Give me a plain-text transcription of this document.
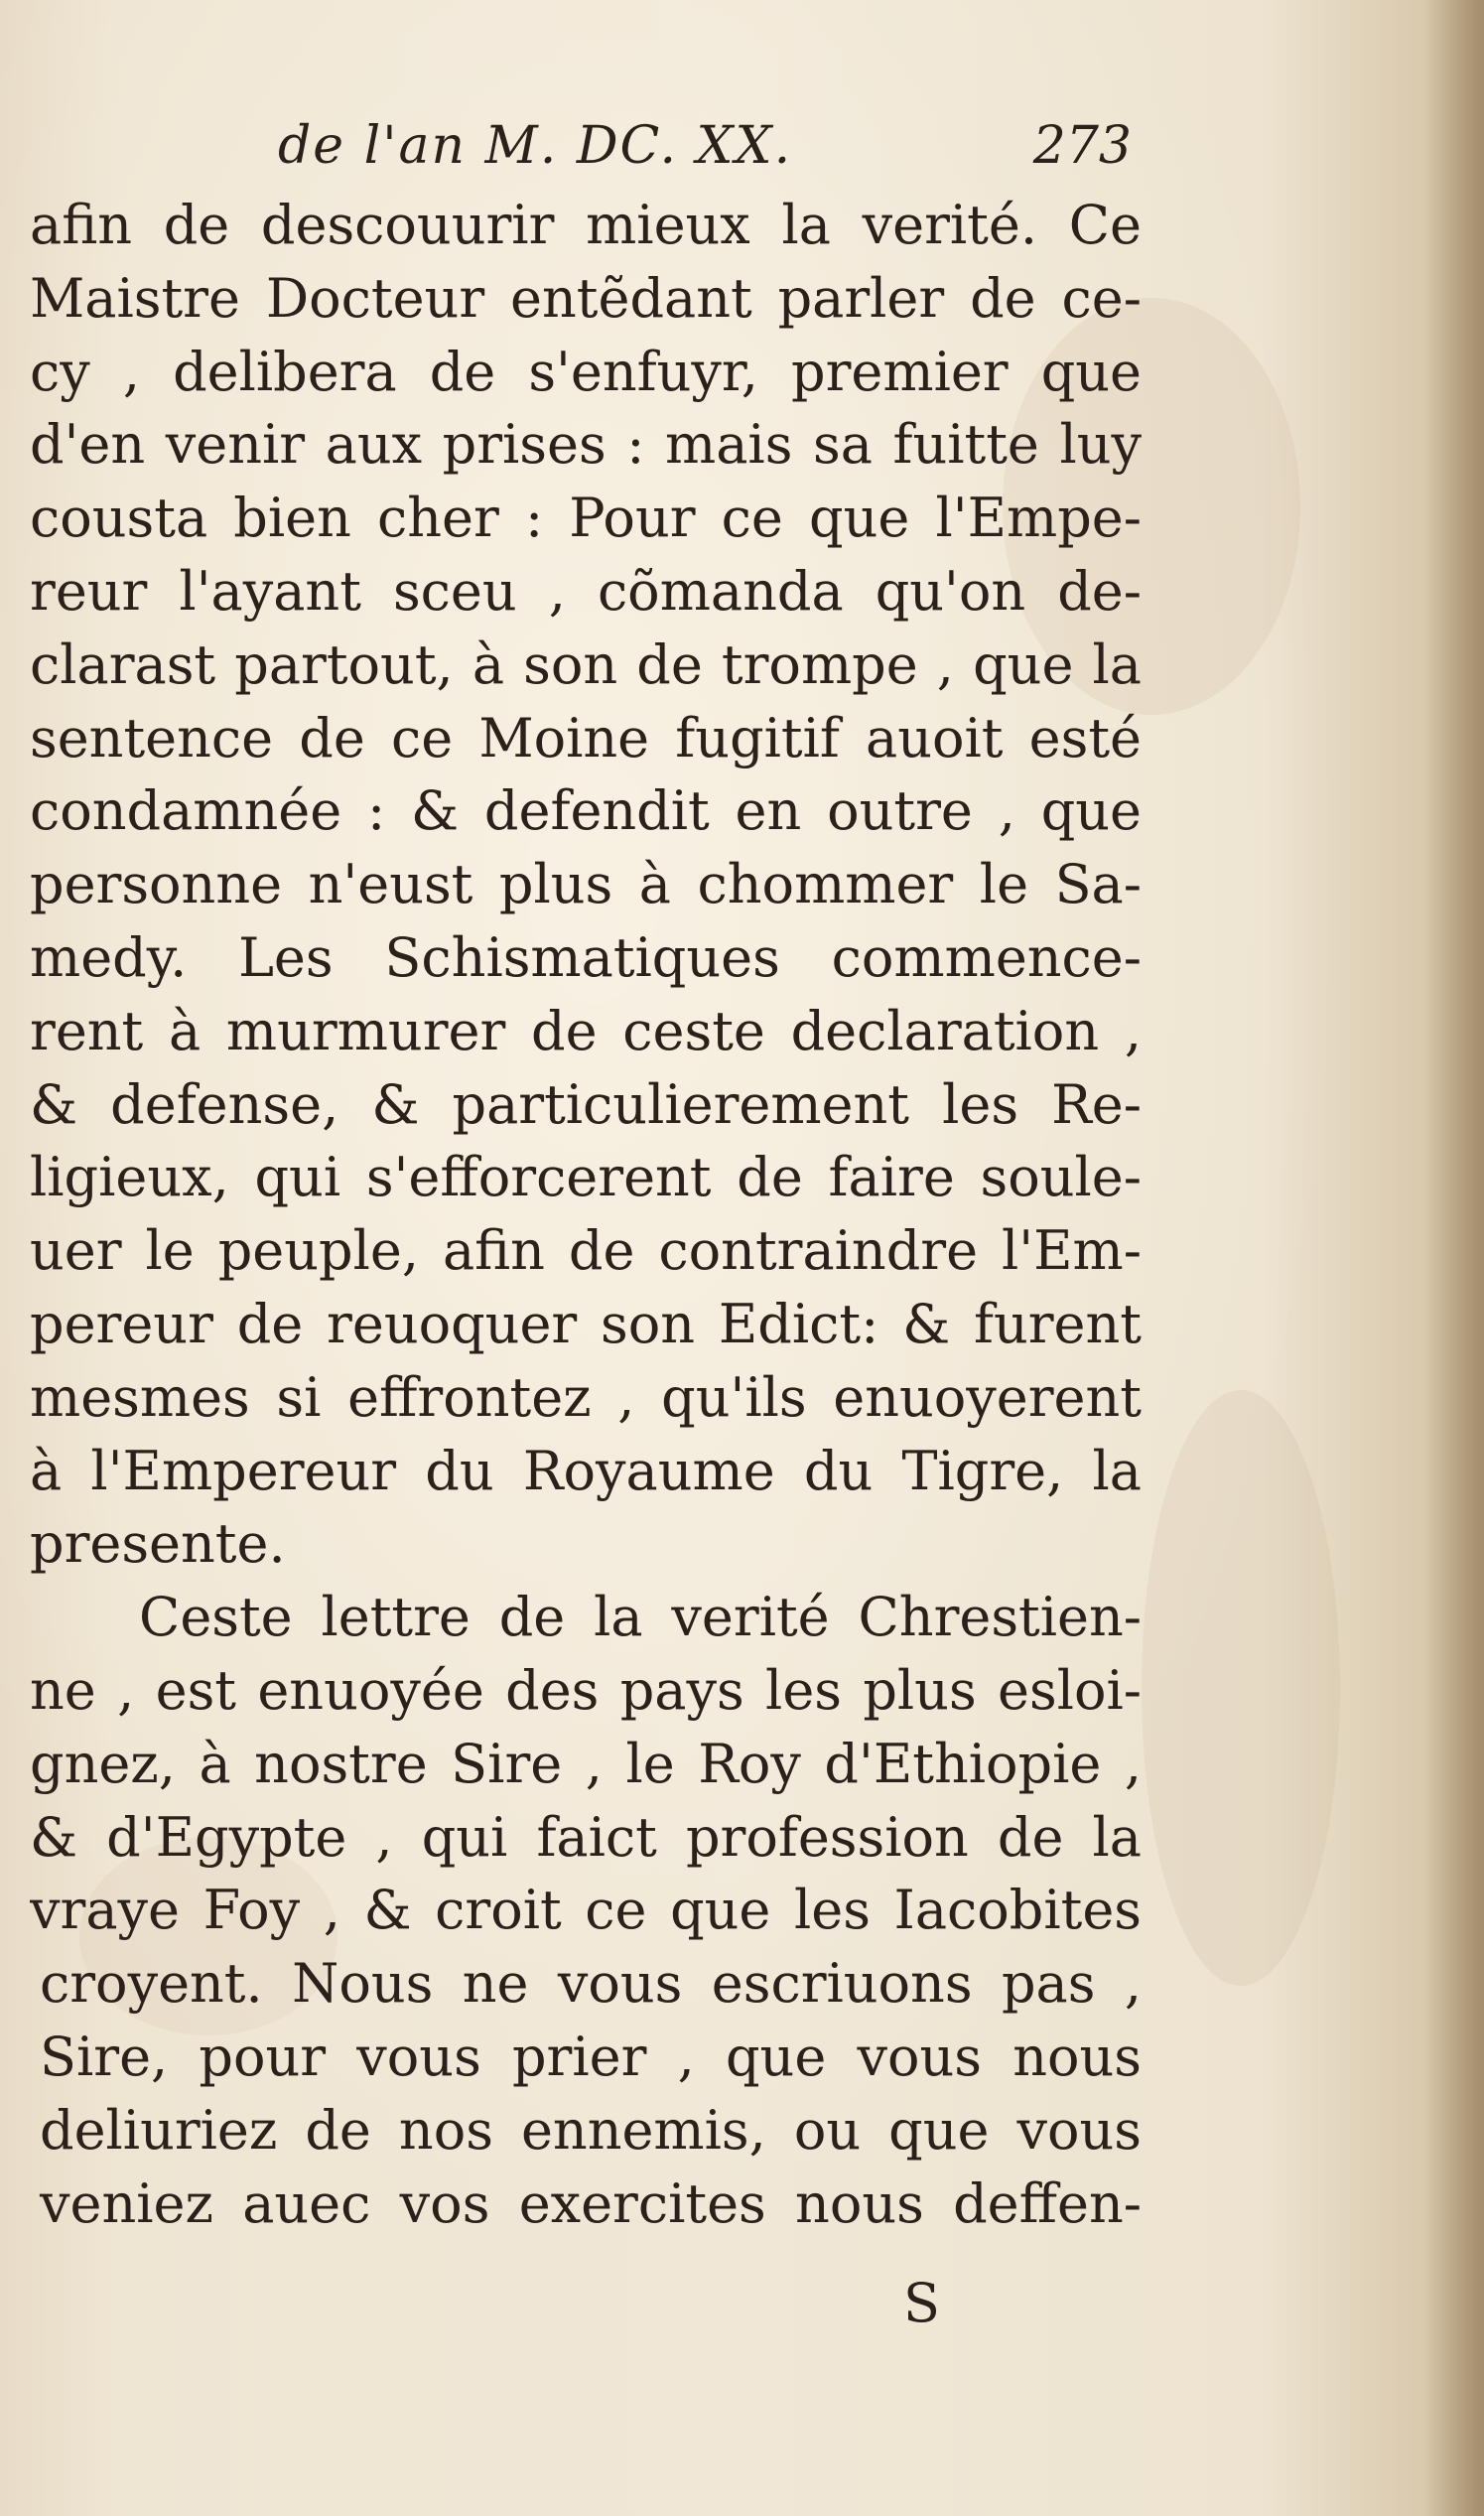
de l'an M. DC. XX.	273
afin de descouurir mieux la verité. Ce
Maistre Docteur entẽdant parler de ce-
cy , delibera de s'enfuyr, premier que
d'en venir aux prises : mais sa fuitte luy
cousta bien cher : Pour ce que l'Empe-
reur l'ayant sceu , cõmanda qu'on de-
clarast partout, à son de trompe , que la
sentence de ce Moine fugitif auoit esté
condamnée : & defendit en outre , que
personne n'eust plus à chommer le Sa-
medy. Les Schismatiques commence-
rent à murmurer de ceste declaration ,
& defense, & particulierement les Re-
ligieux, qui s'efforcerent de faire soule-
uer le peuple, afin de contraindre l'Em-
pereur de reuoquer son Edict: & furent
mesmes si effrontez , qu'ils enuoyerent
à l'Empereur du Royaume du Tigre, la
presente.
Ceste lettre de la verité Chrestien-
ne , est enuoyée des pays les plus esloi-
gnez, à nostre Sire , le Roy d'Ethiopie ,
& d'Egypte , qui faict profession de la
vraye Foy , & croit ce que les Iacobites
croyent. Nous ne vous escriuons pas ,
Sire, pour vous prier , que vous nous
deliuriez de nos ennemis, ou que vous
veniez auec vos exercites nous deffen-
S
